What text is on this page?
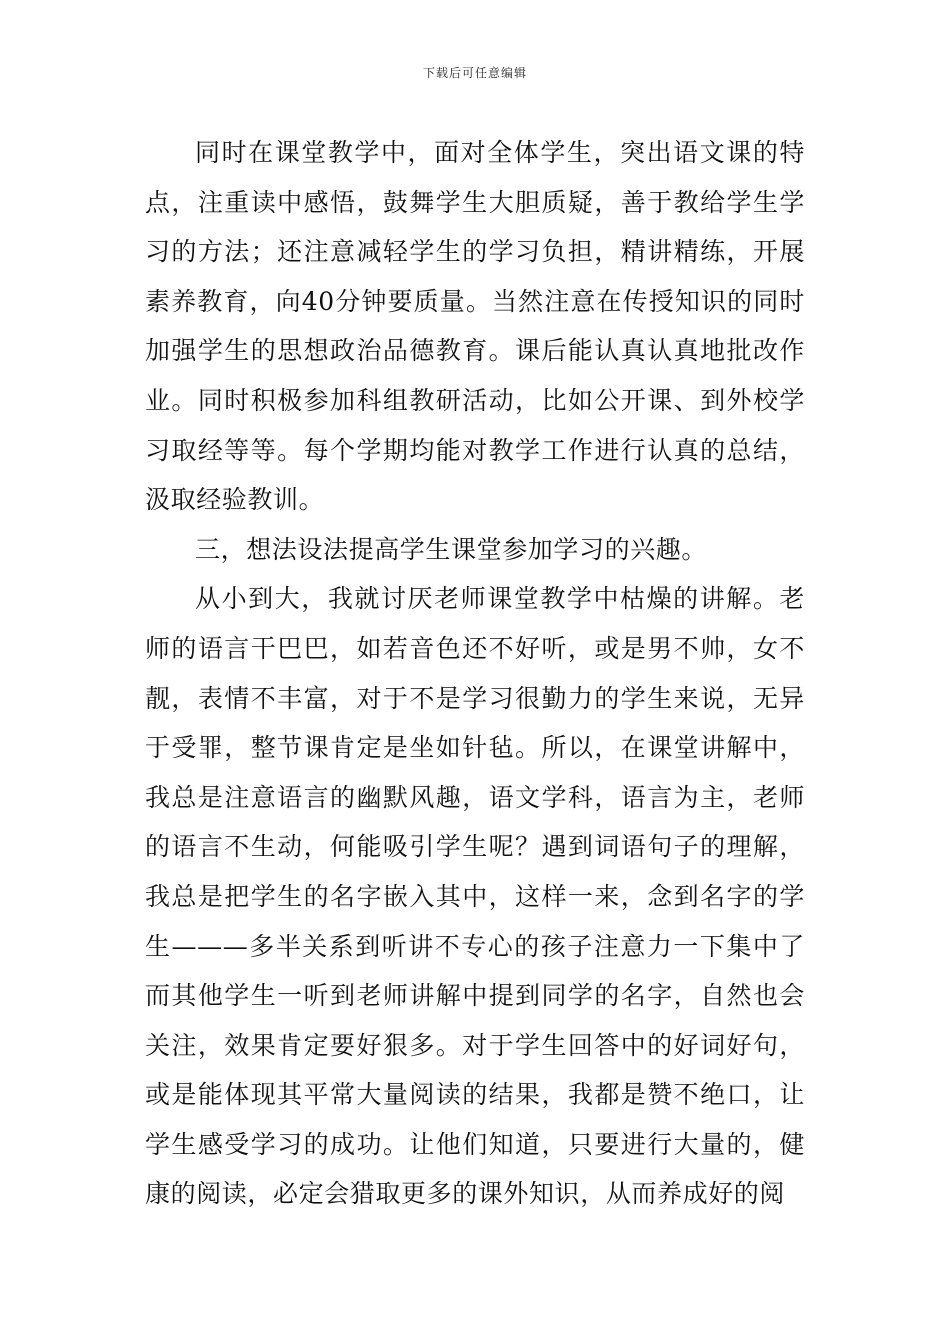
下载后可任意编辑

同时在课堂教学中，面对全体学生，突出语文课的特点，注重读中感悟，鼓舞学生大胆质疑，善于教给学生学习的方法；还注意减轻学生的学习负担，精讲精练，开展素养教育，向40分钟要质量。当然注意在传授知识的同时加强学生的思想政治品德教育。课后能认真认真地批改作业。同时积极参加科组教研活动，比如公开课、到外校学习取经等等。每个学期均能对教学工作进行认真的总结，汲取经验教训。

三，想法设法提高学生课堂参加学习的兴趣。

从小到大，我就讨厌老师课堂教学中枯燥的讲解。老师的语言干巴巴，如若音色还不好听，或是男不帅，女不靓，表情不丰富，对于不是学习很勤力的学生来说，无异于受罪，整节课肯定是坐如针毡。所以，在课堂讲解中，我总是注意语言的幽默风趣，语文学科，语言为主，老师的语言不生动，何能吸引学生呢？遇到词语句子的理解，我总是把学生的名字嵌入其中，这样一来，念到名字的学生———多半关系到听讲不专心的孩子注意力一下集中了而其他学生一听到老师讲解中提到同学的名字，自然也会关注，效果肯定要好狠多。对于学生回答中的好词好句，或是能体现其平常大量阅读的结果，我都是赞不绝口，让学生感受学习的成功。让他们知道，只要进行大量的，健康的阅读，必定会猎取更多的课外知识，从而养成好的阅
